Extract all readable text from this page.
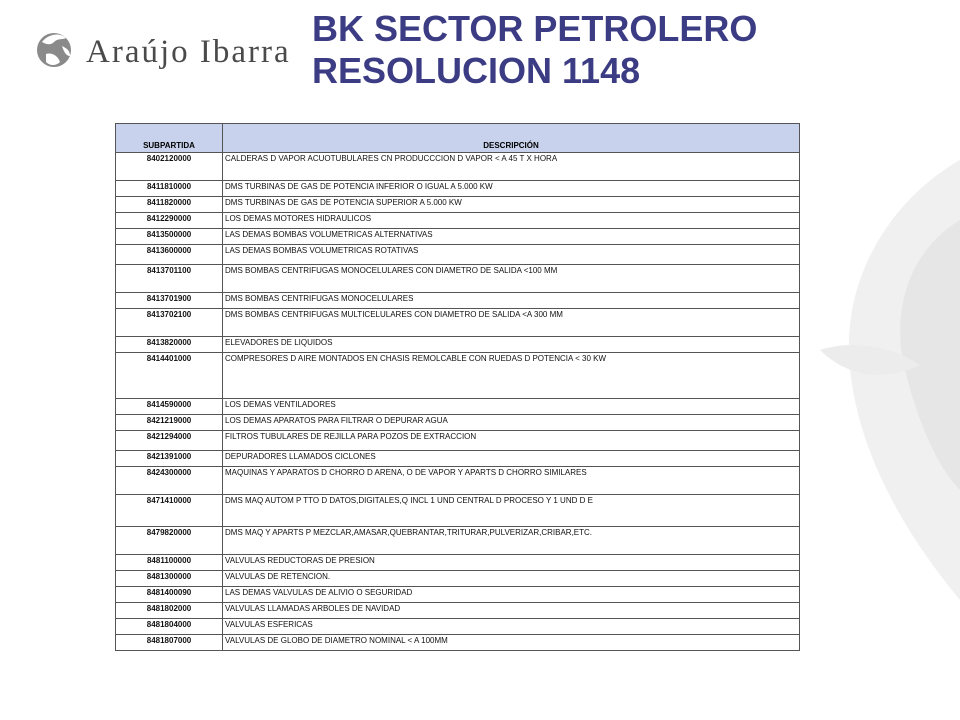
Araújo Ibarra
BK SECTOR PETROLERO
RESOLUCION 1148
SUBPARTIDA	DESCRIPCIÓN
8402120000	CALDERAS D VAPOR ACUOTUBULARES CN PRODUCCCION D VAPOR < A 45 T X HORA
8411810000	DMS TURBINAS DE GAS DE POTENCIA INFERIOR O IGUAL A 5.000 KW
8411820000	DMS TURBINAS DE GAS DE POTENCIA SUPERIOR A 5.000 KW
8412290000	LOS DEMAS MOTORES HIDRAULICOS
8413500000	LAS DEMAS BOMBAS VOLUMETRICAS ALTERNATIVAS
8413600000	LAS DEMAS BOMBAS VOLUMETRICAS ROTATIVAS
8413701100	DMS BOMBAS CENTRIFUGAS MONOCELULARES CON DIAMETRO DE SALIDA <100 MM
8413701900	DMS BOMBAS CENTRIFUGAS MONOCELULARES
8413702100	DMS BOMBAS CENTRIFUGAS MULTICELULARES CON DIAMETRO DE SALIDA <A 300 MM
8413820000	ELEVADORES DE LIQUIDOS
8414401000	COMPRESORES D AIRE MONTADOS EN CHASIS REMOLCABLE CON RUEDAS D POTENCIA < 30 KW
8414590000	LOS DEMAS VENTILADORES
8421219000	LOS DEMAS APARATOS PARA FILTRAR O DEPURAR AGUA
8421294000	FILTROS TUBULARES DE REJILLA PARA POZOS DE EXTRACCION
8421391000	DEPURADORES LLAMADOS CICLONES
8424300000	MAQUINAS Y APARATOS D CHORRO D ARENA, O DE VAPOR Y APARTS D CHORRO SIMILARES
8471410000	DMS MAQ AUTOM P TTO D DATOS,DIGITALES,Q INCL 1 UND CENTRAL D PROCESO Y 1 UND D E
8479820000	DMS MAQ Y APARTS P MEZCLAR,AMASAR,QUEBRANTAR,TRITURAR,PULVERIZAR,CRIBAR,ETC.
8481100000	VALVULAS REDUCTORAS DE PRESION
8481300000	VALVULAS DE RETENCION.
8481400090	LAS DEMAS VALVULAS DE ALIVIO O SEGURIDAD
8481802000	VALVULAS LLAMADAS ARBOLES DE NAVIDAD
8481804000	VALVULAS ESFERICAS
8481807000	VALVULAS DE GLOBO DE DIAMETRO NOMINAL < A 100MM
